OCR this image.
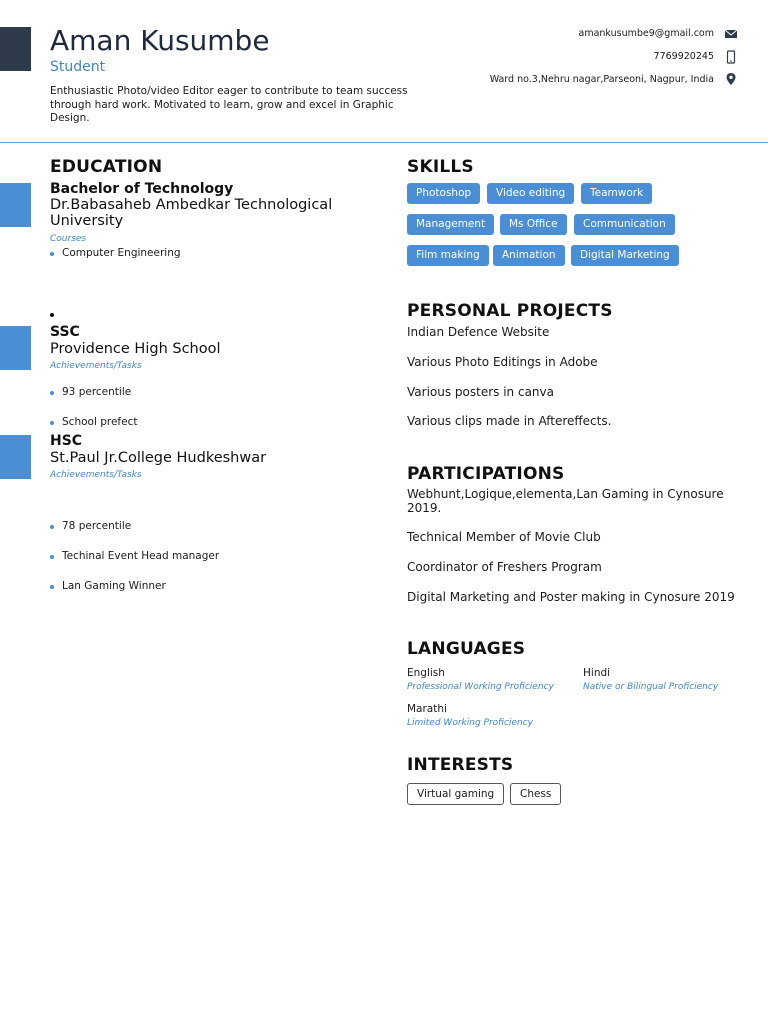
Aman Kusumbe
Student
Enthusiastic Photo/video Editor eager to contribute to team success through hard work. Motivated to learn, grow and excel in Graphic Design.
amankusumbe9@gmail.com
7769920245
Ward no.3,Nehru nagar,Parseoni, Nagpur, India
EDUCATION
Bachelor of Technology
Dr.Babasaheb Ambedkar Technological University
Courses
Computer Engineering
SSC
Providence High School
Achievements/Tasks
93 percentile
School prefect
HSC
St.Paul Jr.College Hudkeshwar
Achievements/Tasks
78 percentile
Techinal Event Head manager
Lan Gaming Winner
SKILLS
Photoshop	Video editing	Teamwork
Management	Ms Office	Communication
Film making	Animation	Digital Marketing
PERSONAL PROJECTS
Indian Defence Website
Various Photo Editings in Adobe
Various posters in canva
Various clips made in Aftereffects.
PARTICIPATIONS
Webhunt,Logique,elementa,Lan Gaming in Cynosure 2019.
Technical Member of Movie Club
Coordinator of Freshers Program
Digital Marketing and Poster making in Cynosure 2019
LANGUAGES
English
Professional Working Proficiency
Hindi
Native or Bilingual Proficiency
Marathi
Limited Working Proficiency
INTERESTS
Virtual gaming	Chess
